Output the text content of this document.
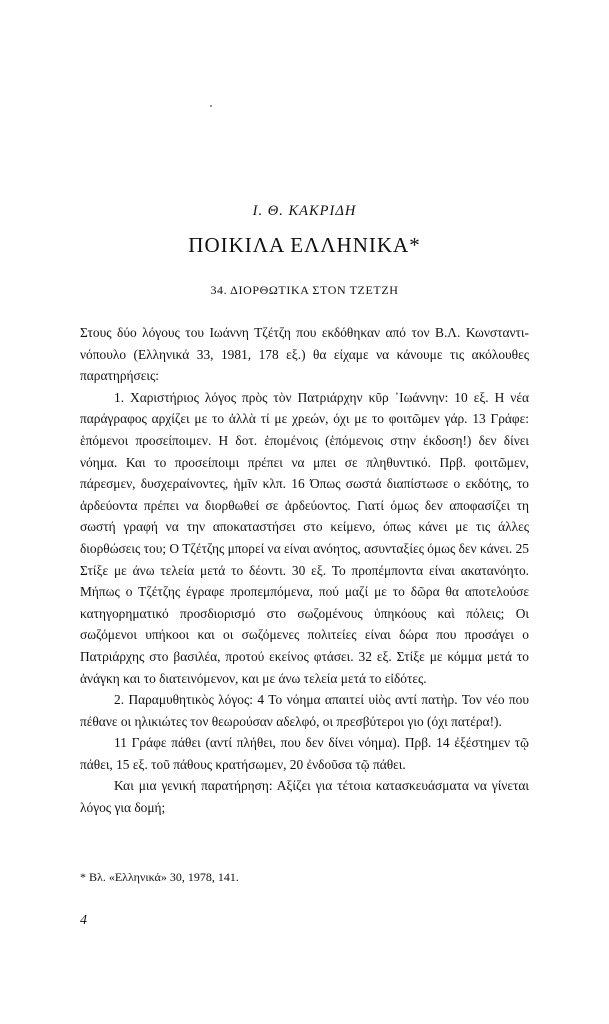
Ι. Θ. ΚΑΚΡΙΔΗ
ΠΟΙΚΙΛΑ ΕΛΛΗΝΙΚΑ*
34. ΔΙΟΡΘΩΤΙΚΑ ΣΤΟΝ ΤΖΕΤΖΗ

Στους δύο λόγους του Ιωάννη Τζέτζη που εκδόθηκαν από τον Β.Λ. Κωνσταντινόπουλο (Ελληνικά 33, 1981, 178 εξ.) θα είχαμε να κάνουμε τις ακόλουθες παρατηρήσεις:

1. Χαριστήριος λόγος πρὸς τὸν Πατριάρχην κῦρ ᾽Ιωάννην: 10 εξ. Η νέα παράγραφος αρχίζει με το ἀλλὰ τί με χρεών, όχι με το φοιτῶμεν γάρ. 13 Γράφε: ἑπόμενοι προσείποιμεν. Η δοτ. ἑπομένοις (ἑπόμενοις στην έκδοση!) δεν δίνει νόημα. Και το προσείποιμι πρέπει να μπει σε πληθυντικό. Πρβ. φοιτῶμεν, πάρεσμεν, δυσχεραίνοντες, ἡμῖν κλπ. 16 Όπως σωστά διαπίστωσε ο εκδότης, το ἀρδεύοντα πρέπει να διορθωθεί σε ἀρδεύοντος. Γιατί όμως δεν αποφασίζει τη σωστή γραφή να την αποκαταστήσει στο κείμενο, όπως κάνει με τις άλλες διορθώσεις του; Ο Τζέτζης μπορεί να είναι ανόητος, ασυνταξίες όμως δεν κάνει. 25 Στίξε με άνω τελεία μετά το δέοντι. 30 εξ. Το προπέμποντα είναι ακατανόητο. Μήπως ο Τζέτζης έγραφε προπεμπόμενα, πού μαζί με το δῶρα θα αποτελούσε κατηγορηματικό προσδιορισμό στο σωζομένους ὑπηκόους καὶ πόλεις; Οι σωζόμενοι υπήκοοι και οι σωζόμενες πολιτείες είναι δώρα που προσάγει ο Πατριάρχης στο βασιλέα, προτού εκείνος φτάσει. 32 εξ. Στίξε με κόμμα μετά το ἀνάγκη και το διατεινόμενον, και με άνω τελεία μετά το εἰδότες.

2. Παραμυθητικὸς λόγος: 4 Το νόημα απαιτεί υἱὸς αντί πατὴρ. Τον νέο που πέθανε οι ηλικιώτες τον θεωρούσαν αδελφό, οι πρεσβύτεροι γιο (όχι πατέρα!).

11 Γράφε πάθει (αντί πλήθει, που δεν δίνει νόημα). Πρβ. 14 ἐξέστημεν τῷ πάθει, 15 εξ. τοῦ πάθους κρατήσωμεν, 20 ἐνδοῦσα τῷ πάθει.

Και μια γενική παρατήρηση: Αξίζει για τέτοια κατασκευάσματα να γίνεται λόγος για δομή;

* Βλ. «Ελληνικά» 30, 1978, 141.
4
